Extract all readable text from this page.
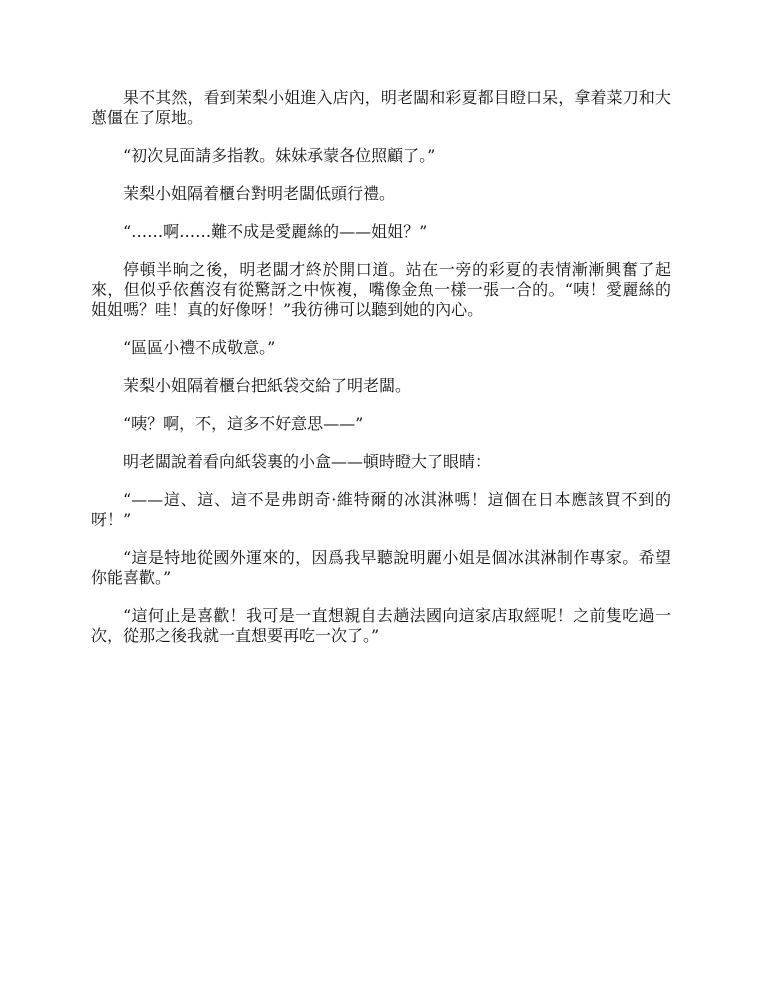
果不其然，看到茉梨小姐進入店內，明老闆和彩夏都目瞪口呆，拿着菜刀和大蔥僵在了原地。

“初次見面請多指教。妹妹承蒙各位照顧了。”

茉梨小姐隔着櫃台對明老闆低頭行禮。

“……啊……難不成是愛麗絲的——姐姐？”

停頓半晌之後，明老闆才終於開口道。站在一旁的彩夏的表情漸漸興奮了起來，但似乎依舊沒有從驚訝之中恢複，嘴像金魚一樣一張一合的。“咦！愛麗絲的姐姐嗎？哇！真的好像呀！”我彷彿可以聽到她的內心。

“區區小禮不成敬意。”

茉梨小姐隔着櫃台把紙袋交給了明老闆。

“咦？啊，不，這多不好意思——”

明老闆說着看向紙袋裏的小盒——頓時瞪大了眼睛：

“——這、這、這不是弗朗奇·維特爾的冰淇淋嗎！這個在日本應該買不到的呀！”

“這是特地從國外運來的，因爲我早聽說明麗小姐是個冰淇淋制作專家。希望你能喜歡。”

“這何止是喜歡！我可是一直想親自去趟法國向這家店取經呢！之前隻吃過一次，從那之後我就一直想要再吃一次了。”
